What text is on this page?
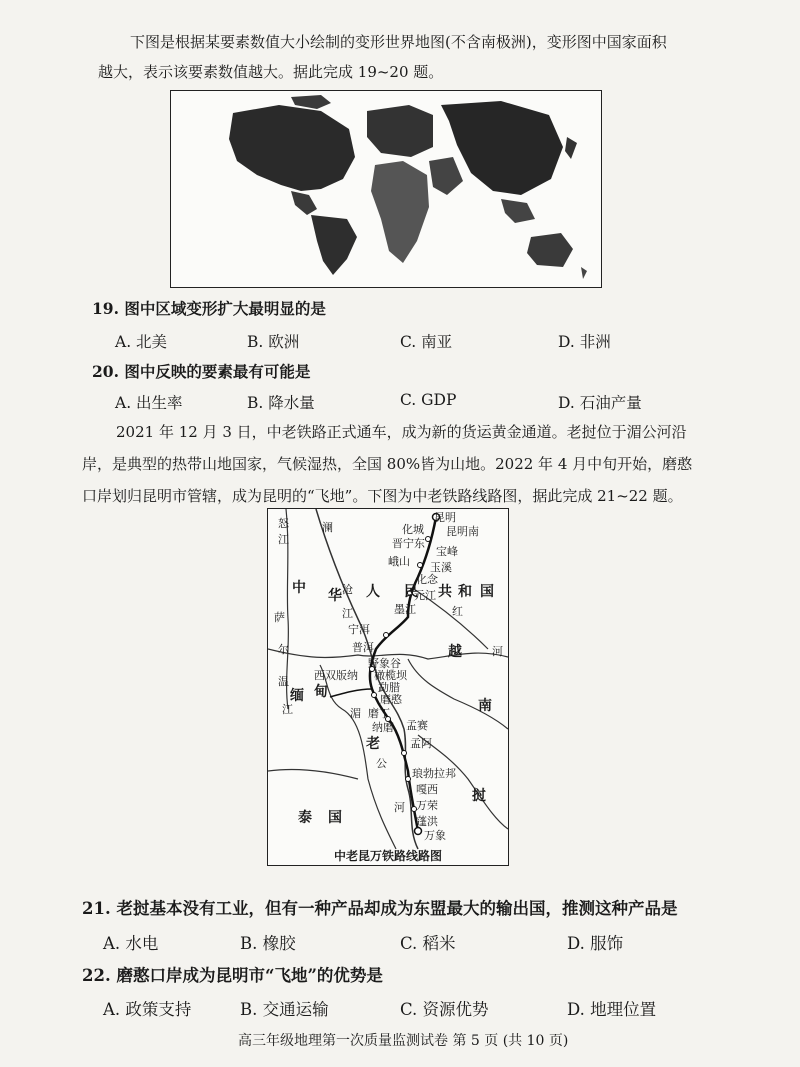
下图是根据某要素数值大小绘制的变形世界地图(不含南极洲)，变形图中国家面积
越大，表示该要素数值越大。据此完成 19~20 题。
19. 图中区域变形扩大最明显的是
A. 北美	B. 欧洲	C. 南亚	D. 非洲
20. 图中反映的要素最有可能是
A. 出生率	B. 降水量	C. GDP	D. 石油产量
2021 年 12 月 3 日，中老铁路正式通车，成为新的货运黄金通道。老挝位于湄公河沿
岸，是典型的热带山地国家，气候湿热，全国 80%皆为山地。2022 年 4 月中旬开始，磨憨
口岸划归昆明市管辖，成为昆明的“飞地”。下图为中老铁路线路图，据此完成 21~22 题。
中 华 人 民 共 和 国
缅 甸
老
挝
越
南
泰 国
怒
江
澜
沧
江
萨
尔
温
江	湄
公
河
红
河
昆明
化城 昆明南
晋宁东
宝峰
峨山 玉溪
化念
元江
墨江
宁洱
普洱
野象谷
西双版纳 橄榄坝
勐腊
磨憨
磨丁
纳磨 孟赛
孟阿
琅勃拉邦
嘎西
万荣
蓬洪
万象
中老昆万铁路线路图
21. 老挝基本没有工业，但有一种产品却成为东盟最大的输出国，推测这种产品是
A. 水电	B. 橡胶	C. 稻米	D. 服饰
22. 磨憨口岸成为昆明市“飞地”的优势是
A. 政策支持	B. 交通运输	C. 资源优势	D. 地理位置
高三年级地理第一次质量监测试卷 第 5 页 (共 10 页)
